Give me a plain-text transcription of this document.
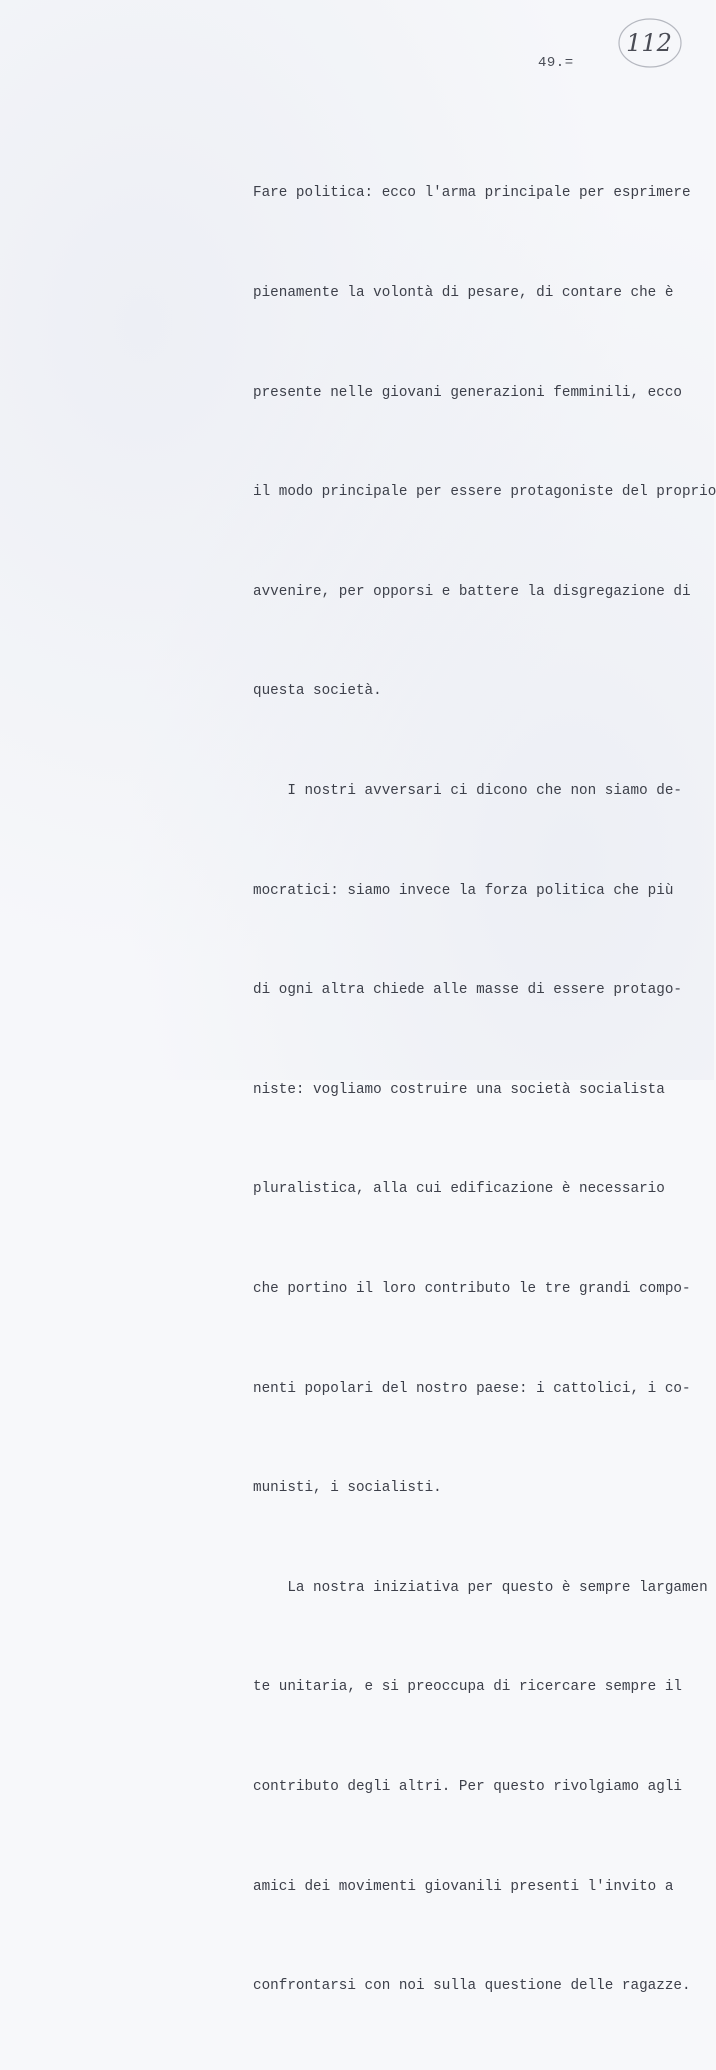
112
49.=

Fare politica: ecco l'arma principale per esprimere

pienamente la volontà di pesare, di contare che è

presente nelle giovani generazioni femminili, ecco

il modo principale per essere protagoniste del proprio

avvenire, per opporsi e battere la disgregazione di

questa società.

I nostri avversari ci dicono che non siamo de-

mocratici: siamo invece la forza politica che più

di ogni altra chiede alle masse di essere protago-

niste: vogliamo costruire una società socialista

pluralistica, alla cui edificazione è necessario

che portino il loro contributo le tre grandi compo-

nenti popolari del nostro paese: i cattolici, i co-

munisti, i socialisti.

La nostra iniziativa per questo è sempre largamen

te unitaria, e si preoccupa di ricercare sempre il

contributo degli altri. Per questo rivolgiamo agli

amici dei movimenti giovanili presenti l'invito a

confrontarsi con noi sulla questione delle ragazze.
